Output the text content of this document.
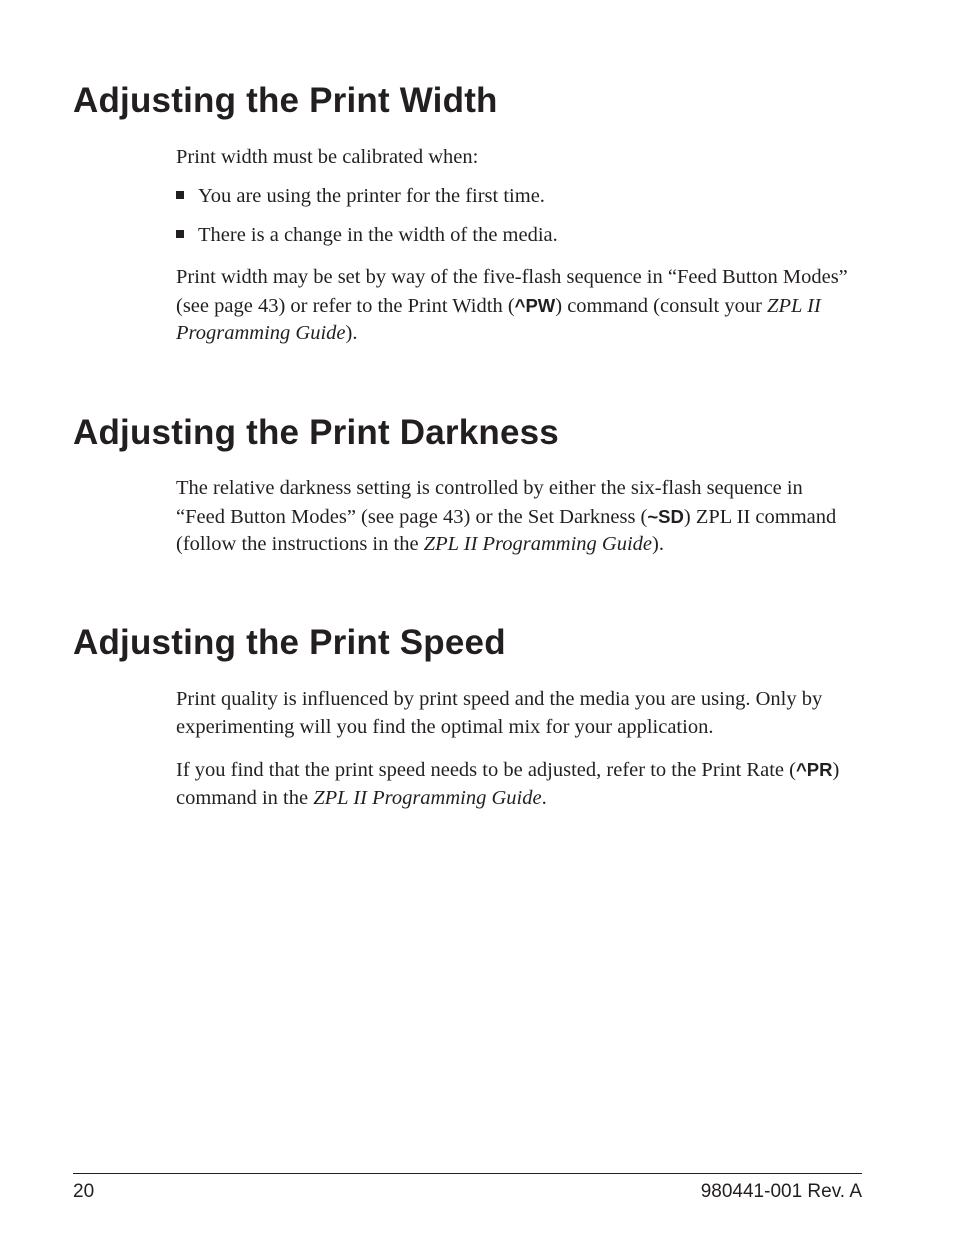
Adjusting the Print Width

Print width must be calibrated when:

You are using the printer for the first time.

There is a change in the width of the media.

Print width may be set by way of the five-flash sequence in “Feed Button Modes” (see page 43) or refer to the Print Width (^PW) command (consult your ZPL II Programming Guide).

Adjusting the Print Darkness

The relative darkness setting is controlled by either the six-flash sequence in “Feed Button Modes” (see page 43) or the Set Darkness (~SD) ZPL II command (follow the instructions in the ZPL II Programming Guide).

Adjusting the Print Speed

Print quality is influenced by print speed and the media you are using. Only by experimenting will you find the optimal mix for your application.

If you find that the print speed needs to be adjusted, refer to the Print Rate (^PR) command in the ZPL II Programming Guide.

20	980441-001 Rev. A
